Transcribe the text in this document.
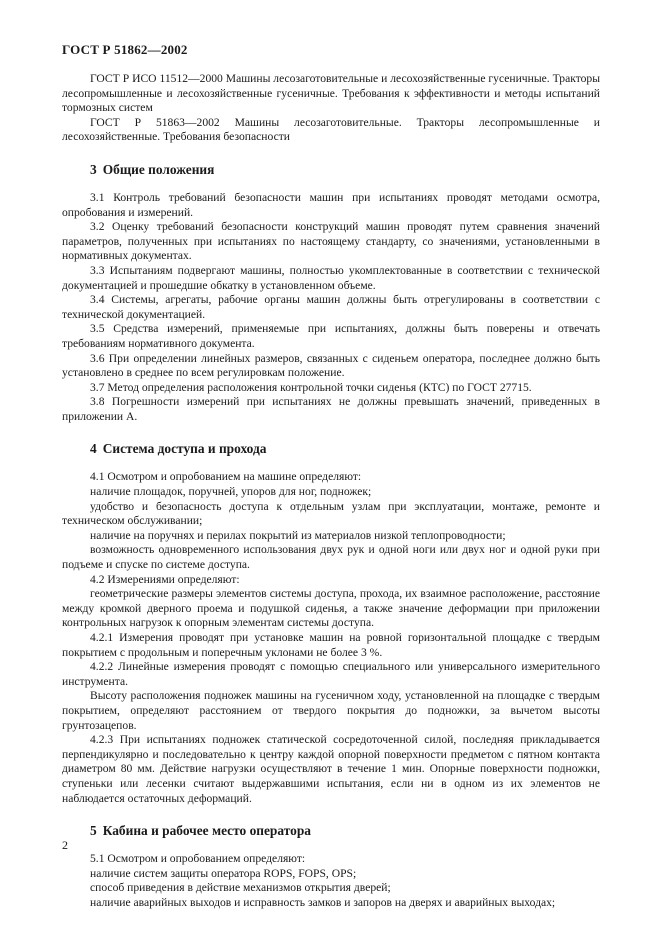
ГОСТ Р 51862—2002

ГОСТ Р ИСО 11512—2000 Машины лесозаготовительные и лесохозяйственные гусеничные. Тракторы лесопромышленные и лесохозяйственные гусеничные. Требования к эффективности и методы испытаний тормозных систем

ГОСТ Р 51863—2002 Машины лесозаготовительные. Тракторы лесопромышленные и лесохозяйственные. Требования безопасности

3 Общие положения

3.1 Контроль требований безопасности машин при испытаниях проводят методами осмотра, опробования и измерений.

3.2 Оценку требований безопасности конструкций машин проводят путем сравнения значений параметров, полученных при испытаниях по настоящему стандарту, со значениями, установленными в нормативных документах.

3.3 Испытаниям подвергают машины, полностью укомплектованные в соответствии с технической документацией и прошедшие обкатку в установленном объеме.

3.4 Системы, агрегаты, рабочие органы машин должны быть отрегулированы в соответствии с технической документацией.

3.5 Средства измерений, применяемые при испытаниях, должны быть поверены и отвечать требованиям нормативного документа.

3.6 При определении линейных размеров, связанных с сиденьем оператора, последнее должно быть установлено в среднее по всем регулировкам положение.

3.7 Метод определения расположения контрольной точки сиденья (КТС) по ГОСТ 27715.

3.8 Погрешности измерений при испытаниях не должны превышать значений, приведенных в приложении А.

4 Система доступа и прохода

4.1 Осмотром и опробованием на машине определяют:

наличие площадок, поручней, упоров для ног, подножек;

удобство и безопасность доступа к отдельным узлам при эксплуатации, монтаже, ремонте и техническом обслуживании;

наличие на поручнях и перилах покрытий из материалов низкой теплопроводности;

возможность одновременного использования двух рук и одной ноги или двух ног и одной руки при подъеме и спуске по системе доступа.

4.2 Измерениями определяют:

геометрические размеры элементов системы доступа, прохода, их взаимное расположение, расстояние между кромкой дверного проема и подушкой сиденья, а также значение деформации при приложении контрольных нагрузок к опорным элементам системы доступа.

4.2.1 Измерения проводят при установке машин на ровной горизонтальной площадке с твердым покрытием с продольным и поперечным уклонами не более 3 %.

4.2.2 Линейные измерения проводят с помощью специального или универсального измерительного инструмента.

Высоту расположения подножек машины на гусеничном ходу, установленной на площадке с твердым покрытием, определяют расстоянием от твердого покрытия до подножки, за вычетом высоты грунтозацепов.

4.2.3 При испытаниях подножек статической сосредоточенной силой, последняя прикладывается перпендикулярно и последовательно к центру каждой опорной поверхности предметом с пятном контакта диаметром 80 мм. Действие нагрузки осуществляют в течение 1 мин. Опорные поверхности подножки, ступеньки или лесенки считают выдержавшими испытания, если ни в одном из их элементов не наблюдается остаточных деформаций.

5 Кабина и рабочее место оператора

5.1 Осмотром и опробованием определяют:

наличие систем защиты оператора ROPS, FOPS, OPS;

способ приведения в действие механизмов открытия дверей;

наличие аварийных выходов и исправность замков и запоров на дверях и аварийных выходах;

2
